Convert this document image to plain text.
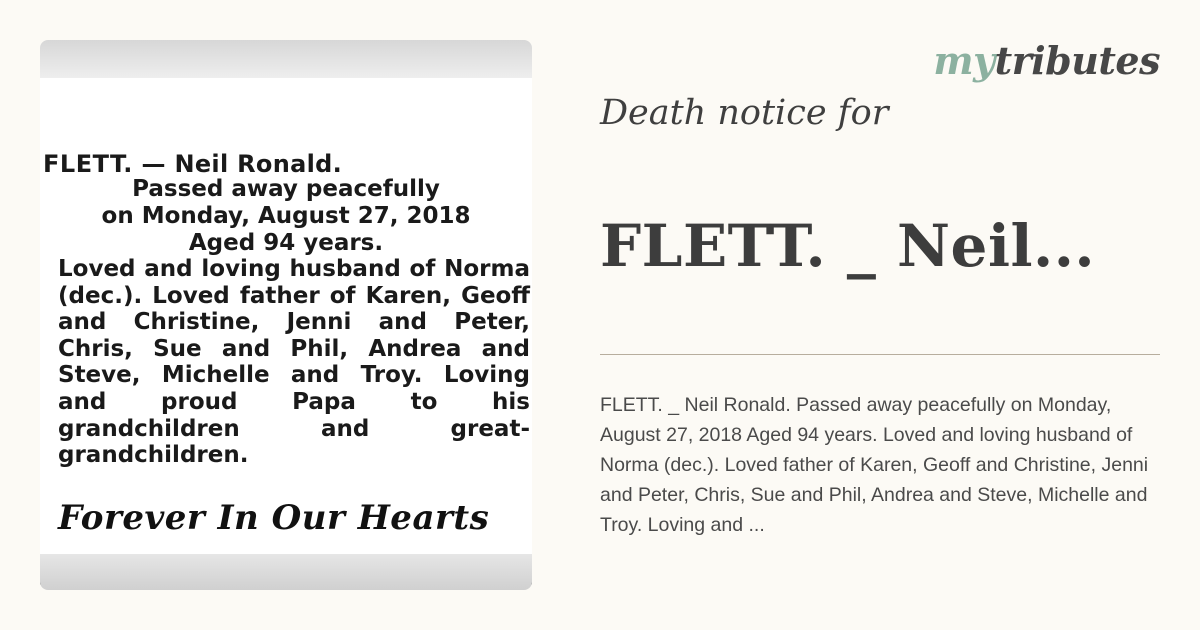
FLETT. — Neil Ronald.
Passed away peacefully
on Monday, August 27, 2018
Aged 94 years.
Loved and loving husband of Norma (dec.). Loved father of Karen, Geoff and Christine, Jenni and Peter, Chris, Sue and Phil, Andrea and Steve, Michelle and Troy. Loving and proud Papa to his grandchildren and great-grandchildren.
Forever In Our Hearts
mytributes
Death notice for
FLETT. _ Neil...
FLETT. _ Neil Ronald. Passed away peacefully on Monday, August 27, 2018 Aged 94 years. Loved and loving husband of Norma (dec.). Loved father of Karen, Geoff and Christine, Jenni and Peter, Chris, Sue and Phil, Andrea and Steve, Michelle and Troy. Loving and ...
